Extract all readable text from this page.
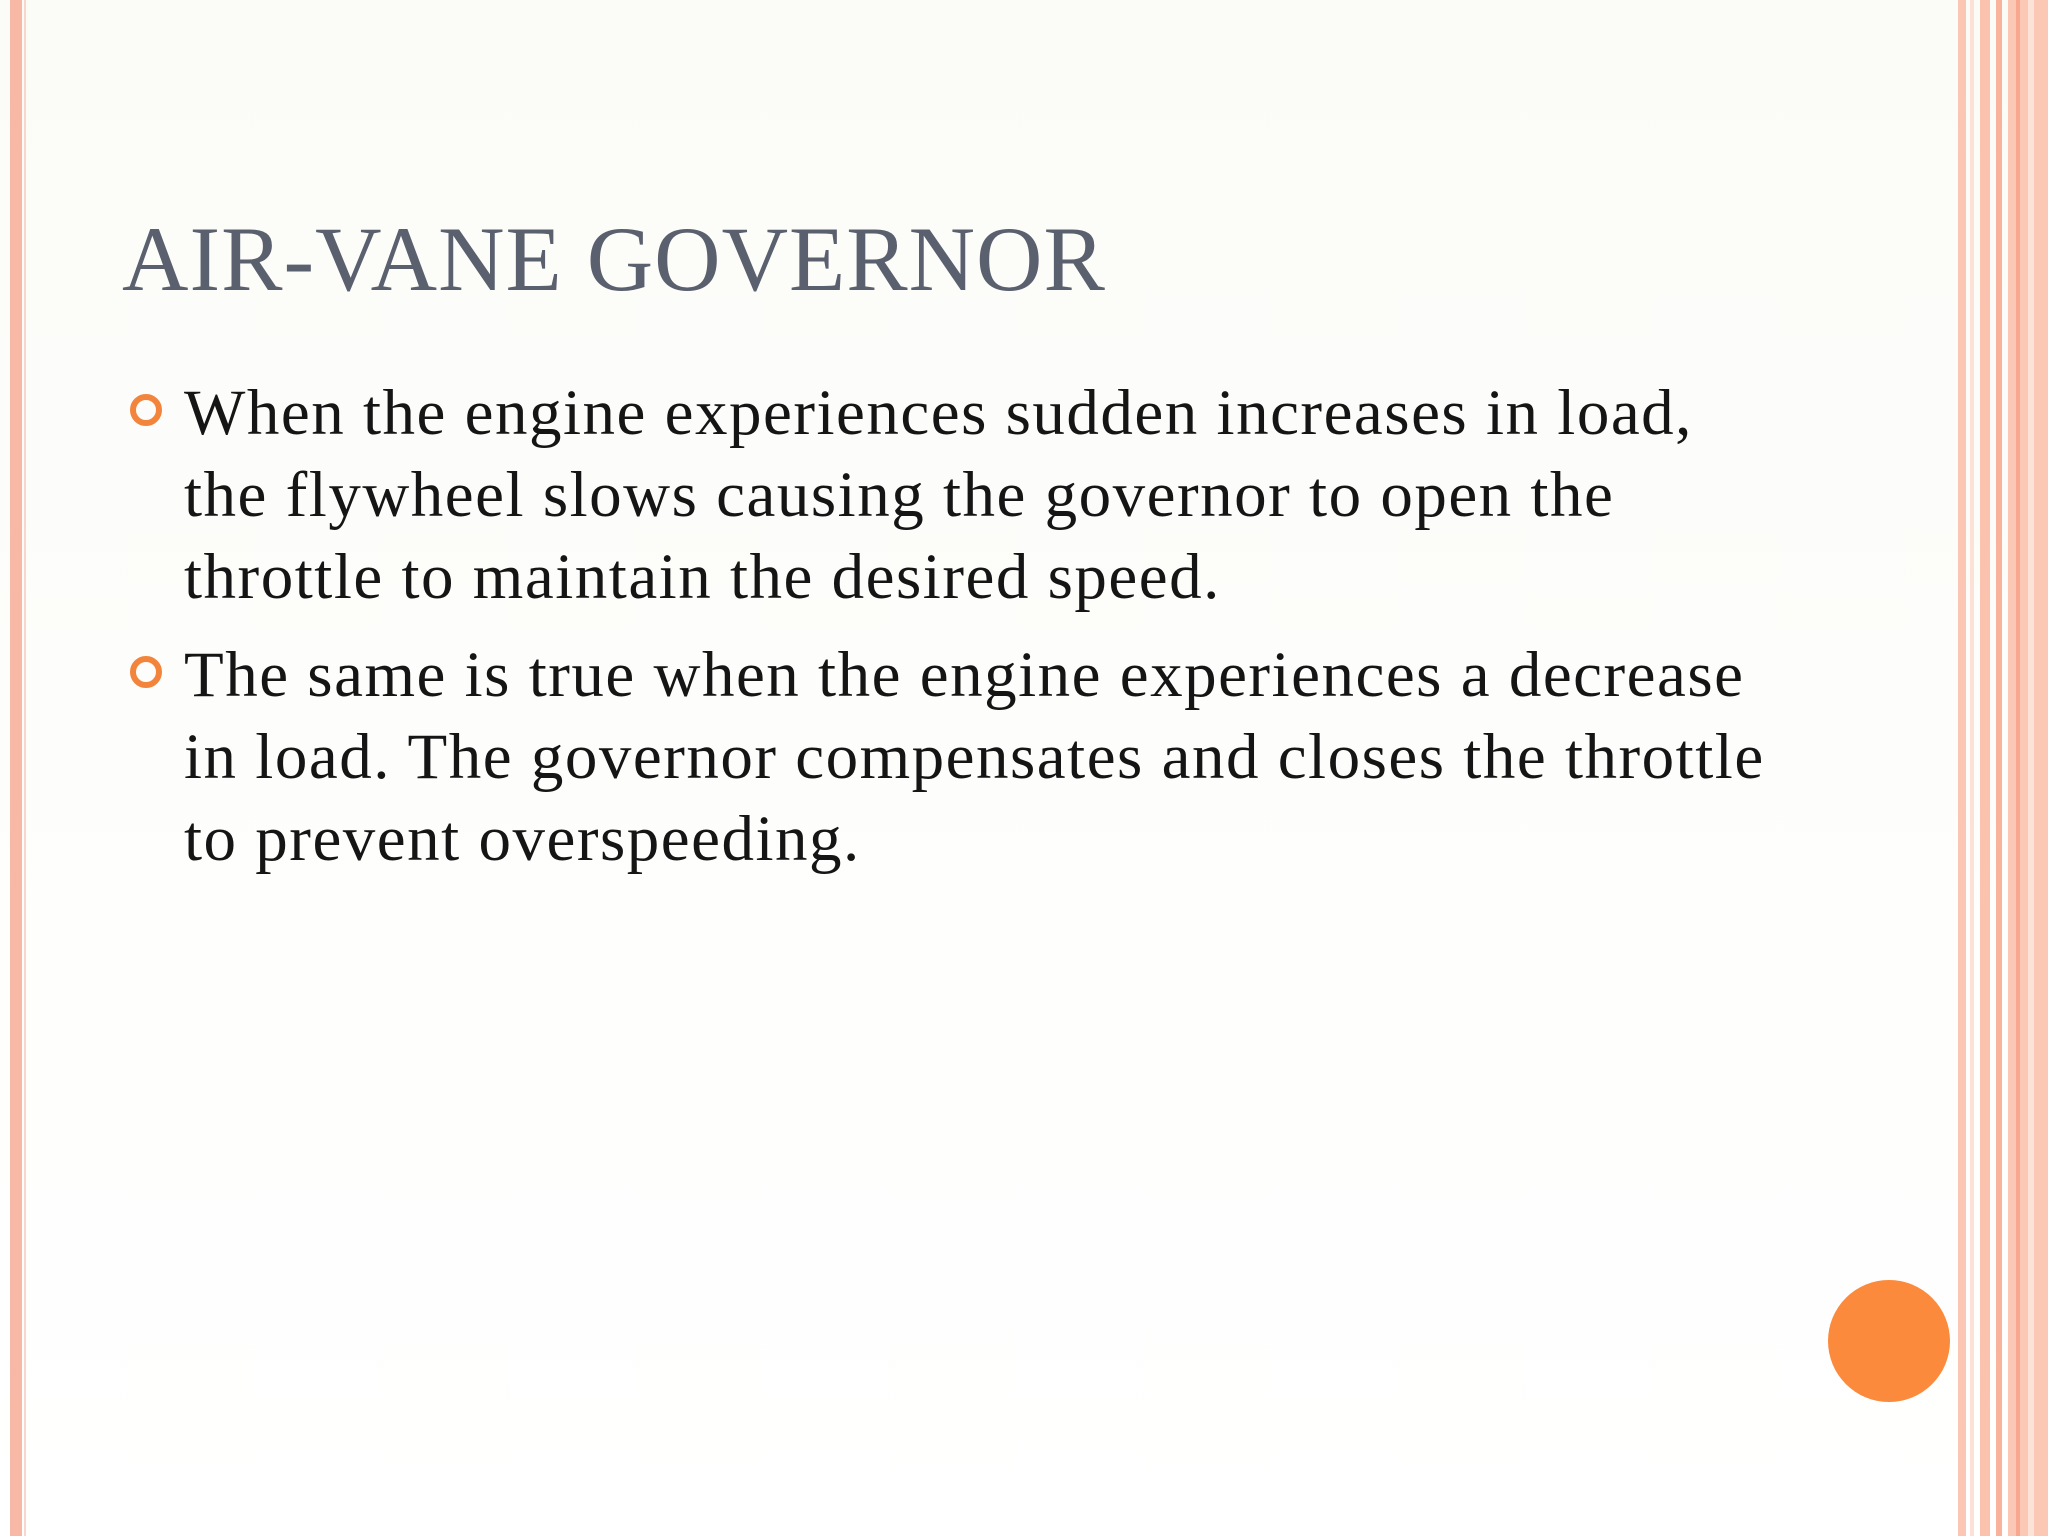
AIR-VANE GOVERNOR
When the engine experiences sudden increases in load, the flywheel slows causing the governor to open the throttle to maintain the desired speed.
The same is true when the engine experiences a decrease in load. The governor compensates and closes the throttle to prevent overspeeding.
